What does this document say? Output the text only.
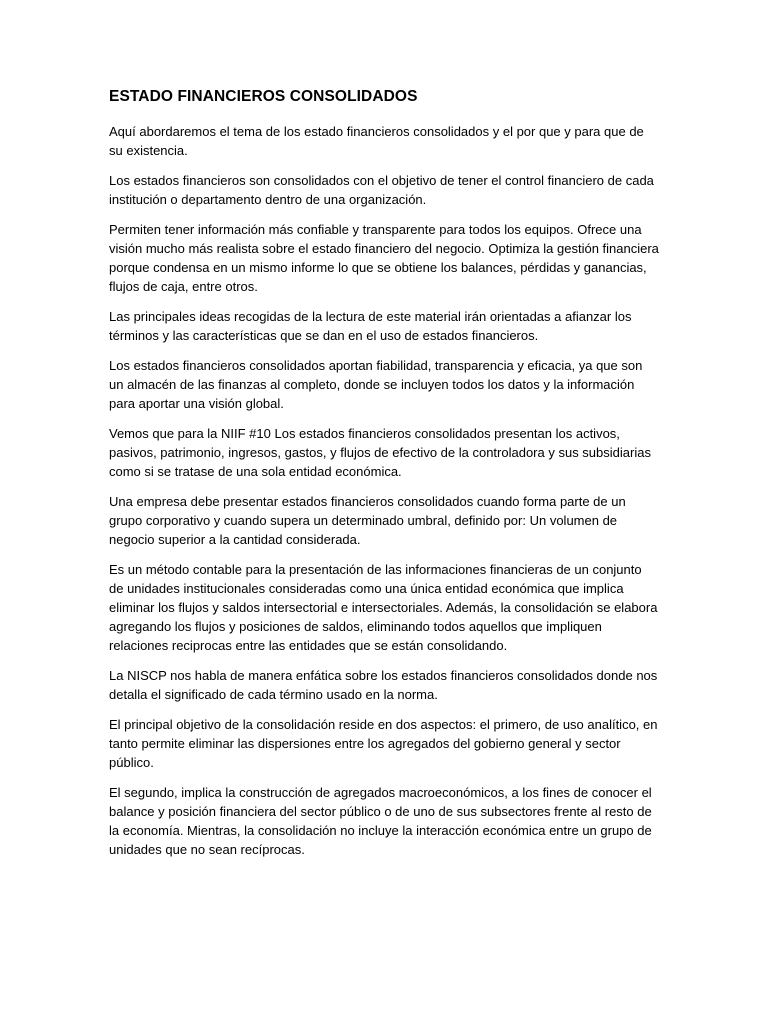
ESTADO FINANCIEROS CONSOLIDADOS

Aquí abordaremos el tema de los estado financieros consolidados y el por que y para que de su existencia.

Los estados financieros son consolidados con el objetivo de tener el control financiero de cada institución o departamento dentro de una organización.

Permiten tener información más confiable y transparente para todos los equipos. Ofrece una visión mucho más realista sobre el estado financiero del negocio. Optimiza la gestión financiera porque condensa en un mismo informe lo que se obtiene los balances, pérdidas y ganancias, flujos de caja, entre otros.

Las principales ideas recogidas de la lectura de este material irán orientadas a afianzar los términos y las características que se dan en el uso de estados financieros.

Los estados financieros consolidados aportan fiabilidad, transparencia y eficacia, ya que son un almacén de las finanzas al completo, donde se incluyen todos los datos y la información para aportar una visión global.

Vemos que para la NIIF #10 Los estados financieros consolidados presentan los activos, pasivos, patrimonio, ingresos, gastos, y flujos de efectivo de la controladora y sus subsidiarias como si se tratase de una sola entidad económica.

Una empresa debe presentar estados financieros consolidados cuando forma parte de un grupo corporativo y cuando supera un determinado umbral, definido por: Un volumen de negocio superior a la cantidad considerada.

Es un método contable para la presentación de las informaciones financieras de un conjunto de unidades institucionales consideradas como una única entidad económica que implica eliminar los flujos y saldos intersectorial e intersectoriales. Además, la consolidación se elabora agregando los flujos y posiciones de saldos, eliminando todos aquellos que impliquen relaciones reciprocas entre las entidades que se están consolidando.

La NISCP nos habla de manera enfática sobre los estados financieros consolidados donde nos detalla el significado de cada término usado en la norma.

El principal objetivo de la consolidación reside en dos aspectos: el primero, de uso analítico, en tanto permite eliminar las dispersiones entre los agregados del gobierno general y sector público.

El segundo, implica la construcción de agregados macroeconómicos, a los fines de conocer el balance y posición financiera del sector público o de uno de sus subsectores frente al resto de la economía. Mientras, la consolidación no incluye la interacción económica entre un grupo de unidades que no sean recíprocas.
